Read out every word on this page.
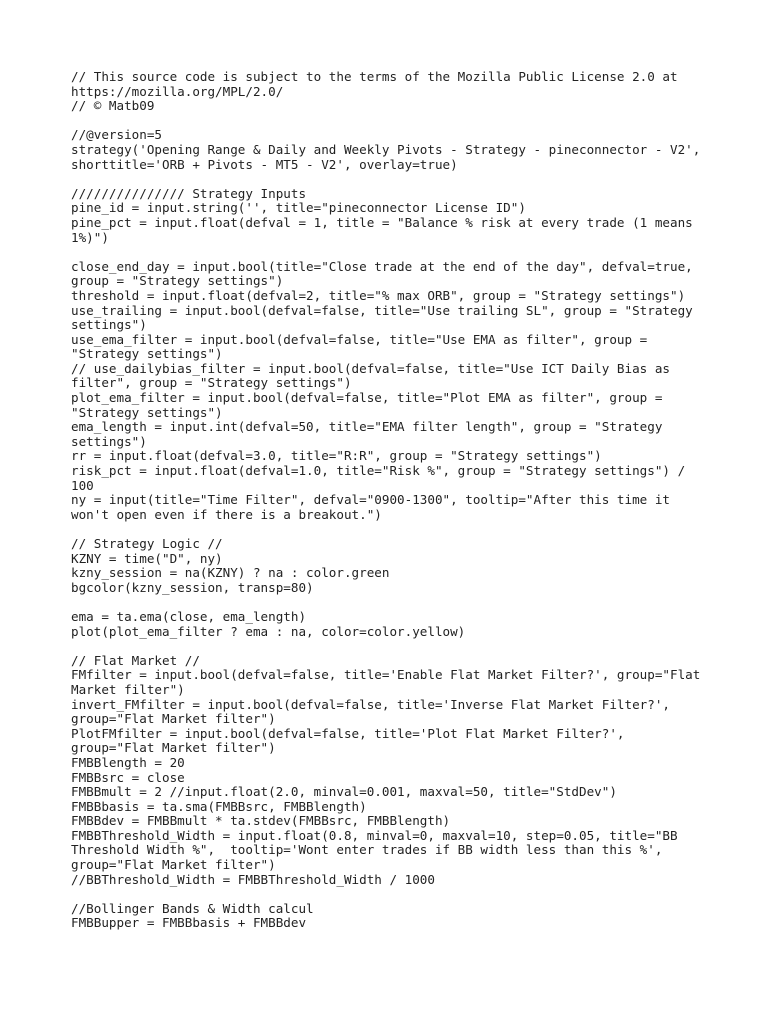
// This source code is subject to the terms of the Mozilla Public License 2.0 at
https://mozilla.org/MPL/2.0/
// © Matb09
//@version=5
strategy('Opening Range & Daily and Weekly Pivots - Strategy - pineconnector - V2',
shorttitle='ORB + Pivots - MT5 - V2', overlay=true)
/////////////// Strategy Inputs
pine_id = input.string('', title="pineconnector License ID")
pine_pct = input.float(defval = 1, title = "Balance % risk at every trade (1 means
1%)")
close_end_day = input.bool(title="Close trade at the end of the day", defval=true,
group = "Strategy settings")
threshold = input.float(defval=2, title="% max ORB", group = "Strategy settings")
use_trailing = input.bool(defval=false, title="Use trailing SL", group = "Strategy
settings")
use_ema_filter = input.bool(defval=false, title="Use EMA as filter", group =
"Strategy settings")
// use_dailybias_filter = input.bool(defval=false, title="Use ICT Daily Bias as
filter", group = "Strategy settings")
plot_ema_filter = input.bool(defval=false, title="Plot EMA as filter", group =
"Strategy settings")
ema_length = input.int(defval=50, title="EMA filter length", group = "Strategy
settings")
rr = input.float(defval=3.0, title="R:R", group = "Strategy settings")
risk_pct = input.float(defval=1.0, title="Risk %", group = "Strategy settings") /
100
ny = input(title="Time Filter", defval="0900-1300", tooltip="After this time it
won't open even if there is a breakout.")
// Strategy Logic //
KZNY = time("D", ny)
kzny_session = na(KZNY) ? na : color.green
bgcolor(kzny_session, transp=80)
ema = ta.ema(close, ema_length)
plot(plot_ema_filter ? ema : na, color=color.yellow)
// Flat Market //
FMfilter = input.bool(defval=false, title='Enable Flat Market Filter?', group="Flat
Market filter")
invert_FMfilter = input.bool(defval=false, title='Inverse Flat Market Filter?',
group="Flat Market filter")
PlotFMfilter = input.bool(defval=false, title='Plot Flat Market Filter?',
group="Flat Market filter")
FMBBlength = 20
FMBBsrc = close
FMBBmult = 2 //input.float(2.0, minval=0.001, maxval=50, title="StdDev")
FMBBbasis = ta.sma(FMBBsrc, FMBBlength)
FMBBdev = FMBBmult * ta.stdev(FMBBsrc, FMBBlength)
FMBBThreshold_Width = input.float(0.8, minval=0, maxval=10, step=0.05, title="BB
Threshold Width %",  tooltip='Wont enter trades if BB width less than this %',
group="Flat Market filter")
//BBThreshold_Width = FMBBThreshold_Width / 1000
//Bollinger Bands & Width calcul
FMBBupper = FMBBbasis + FMBBdev
